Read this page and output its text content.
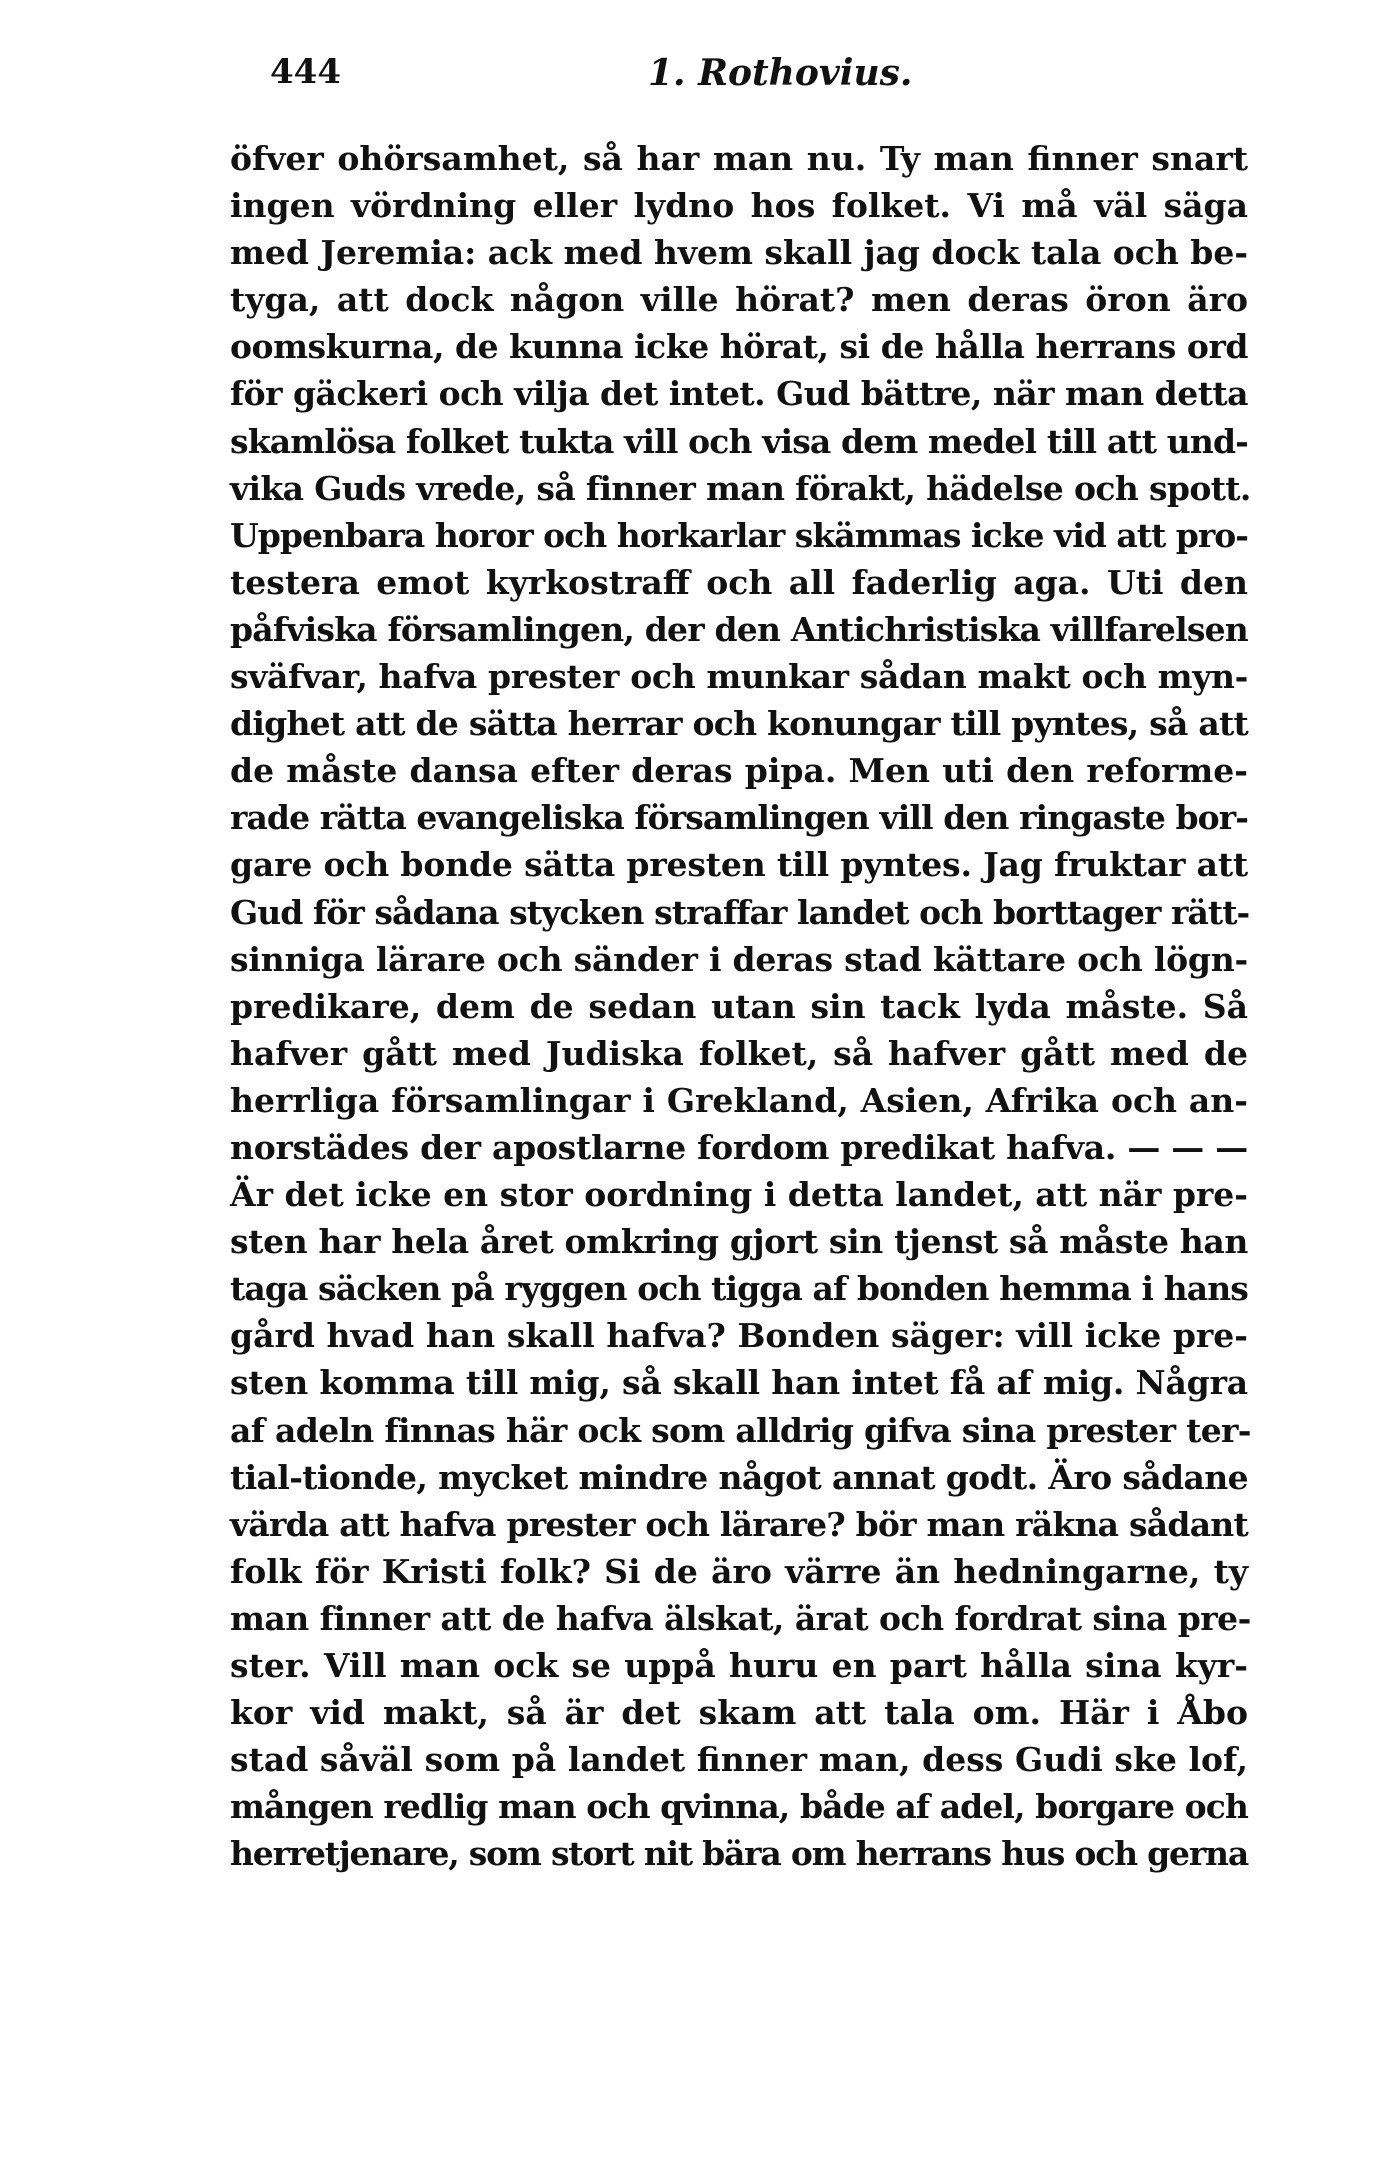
444	1. Rothovius.
öfver ohörsamhet, så har man nu. Ty man finner snart
ingen vördning eller lydno hos folket. Vi må väl säga
med Jeremia: ack med hvem skall jag dock tala och be-
tyga, att dock någon ville hörat? men deras öron äro
oomskurna, de kunna icke hörat, si de hålla herrans ord
för gäckeri och vilja det intet. Gud bättre, när man detta
skamlösa folket tukta vill och visa dem medel till att und-
vika Guds vrede, så finner man förakt, hädelse och spott.
Uppenbara horor och horkarlar skämmas icke vid att pro-
testera emot kyrkostraff och all faderlig aga. Uti den
påfviska församlingen, der den Antichristiska villfarelsen
sväfvar, hafva prester och munkar sådan makt och myn-
dighet att de sätta herrar och konungar till pyntes, så att
de måste dansa efter deras pipa. Men uti den reforme-
rade rätta evangeliska församlingen vill den ringaste bor-
gare och bonde sätta presten till pyntes. Jag fruktar att
Gud för sådana stycken straffar landet och borttager rätt-
sinniga lärare och sänder i deras stad kättare och lögn-
predikare, dem de sedan utan sin tack lyda måste. Så
hafver gått med Judiska folket, så hafver gått med de
herrliga församlingar i Grekland, Asien, Afrika och an-
norstädes der apostlarne fordom predikat hafva. — — —
Är det icke en stor oordning i detta landet, att när pre-
sten har hela året omkring gjort sin tjenst så måste han
taga säcken på ryggen och tigga af bonden hemma i hans
gård hvad han skall hafva? Bonden säger: vill icke pre-
sten komma till mig, så skall han intet få af mig. Några
af adeln finnas här ock som alldrig gifva sina prester ter-
tial-tionde, mycket mindre något annat godt. Äro sådane
värda att hafva prester och lärare? bör man räkna sådant
folk för Kristi folk? Si de äro värre än hedningarne, ty
man finner att de hafva älskat, ärat och fordrat sina pre-
ster. Vill man ock se uppå huru en part hålla sina kyr-
kor vid makt, så är det skam att tala om. Här i Åbo
stad såväl som på landet finner man, dess Gudi ske lof,
mången redlig man och qvinna, både af adel, borgare och
herretjenare, som stort nit bära om herrans hus och gerna
